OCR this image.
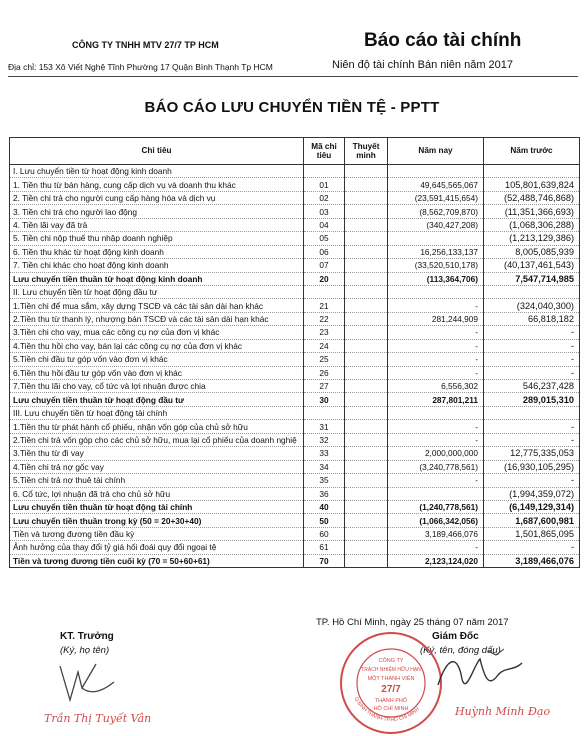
CÔNG TY TNHH MTV 27/7 TP HCM
Địa chỉ: 153 Xô Viết Nghệ Tĩnh Phường 17 Quận Bình Thạnh Tp HCM
Báo cáo tài chính
Niên độ tài chính Bán niên năm 2017
BÁO CÁO LƯU CHUYỂN TIỀN TỆ - PPTT
Chỉ tiêu	Mã chỉ tiêu	Thuyết minh	Năm nay	Năm trước
I. Lưu chuyển tiền từ hoạt động kinh doanh				
1. Tiền thu từ bán hàng, cung cấp dịch vụ và doanh thu khác	01		49,645,565,067	105,801,639,824
2. Tiền chi trả cho người cung cấp hàng hóa và dịch vụ	02		(23,591,415,654)	(52,488,746,868)
3. Tiền chi trả cho người lao động	03		(8,562,709,870)	(11,351,366,693)
4. Tiền lãi vay đã trả	04		(340,427,208)	(1,068,306,288)
5. Tiền chi nộp thuế thu nhập doanh nghiệp	05			(1,213,129,386)
6. Tiền thu khác từ hoạt động kinh doanh	06		16,256,133,137	8,005,085,939
7. Tiền chi khác cho hoạt động kinh doanh	07		(33,520,510,178)	(40,137,461,543)
Lưu chuyển tiền thuần từ hoạt động kinh doanh	20		(113,364,706)	7,547,714,985
II. Lưu chuyển tiền từ hoạt động đầu tư				
1.Tiền chi để mua sắm, xây dựng TSCĐ và các tài sản dài hạn khác	21		-	(324,040,300)
2.Tiền thu từ thanh lý, nhượng bán TSCĐ và các tài sản dài hạn khác	22		281,244,909	66,818,182
3.Tiền chi cho vay, mua các công cụ nợ của đơn vị khác	23		-	-
4.Tiền thu hồi cho vay, bán lại các công cụ nợ của đơn vị khác	24		-	-
5.Tiền chi đầu tư góp vốn vào đơn vị khác	25		-	-
6.Tiền thu hồi đầu tư góp vốn vào đơn vị khác	26		-	-
7.Tiền thu lãi cho vay, cổ tức và lợi nhuận được chia	27		6,556,302	546,237,428
Lưu chuyển tiền thuần từ hoạt động đầu tư	30		287,801,211	289,015,310
III. Lưu chuyển tiền từ hoạt động tài chính				
1.Tiền thu từ phát hành cổ phiếu, nhận vốn góp của chủ sở hữu	31		-	-
2.Tiền chi trả vốn góp cho các chủ sở hữu, mua lại cổ phiếu của doanh nghiệ	32		-	-
3.Tiền thu từ đi vay	33		2,000,000,000	12,775,335,053
4.Tiền chi trả nợ gốc vay	34		(3,240,778,561)	(16,930,105,295)
5.Tiền chi trả nợ thuê tài chính	35		-	-
6. Cổ tức, lợi nhuận đã trả cho chủ sở hữu	36			(1,994,359,072)
Lưu chuyển tiền thuần từ hoạt động tài chính	40		(1,240,778,561)	(6,149,129,314)
Lưu chuyển tiền thuần trong kỳ (50 = 20+30+40)	50		(1,066,342,056)	1,687,600,981
Tiền và tương đương tiền đầu kỳ	60		3,189,466,076	1,501,865,095
Ảnh hưởng của thay đổi tỷ giá hối đoái quy đổi ngoại tệ	61		-	-
Tiền và tương đương tiền cuối kỳ (70 = 50+60+61)	70		2,123,124,020	3,189,466,076
TP. Hồ Chí Minh, ngày 25 tháng 07 năm 2017
KT. Trưởng
(Ký, họ tên)
Giám Đốc
(Ký, tên, đóng dấu)
CÔNG TY
TRÁCH NHIỆM HỮU HẠN
MỘT THÀNH VIÊN
27/7
THÀNH PHỐ
HỒ CHÍ MINH
Q.BÌNH THẠNH-TP.HỒ CHÍ MINH
Trần Thị Tuyết Vân
Huỳnh Minh Đạo
